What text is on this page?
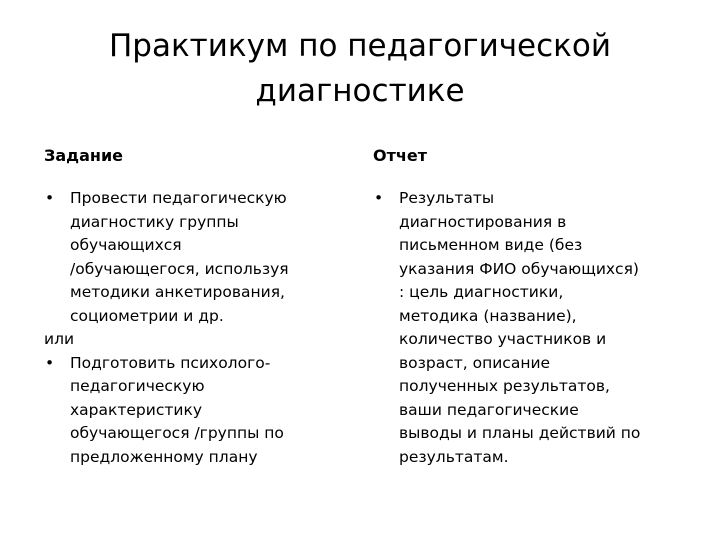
Практикум по педагогической
диагностике
Задание
• Провести педагогическую
диагностику группы
обучающихся
/обучающегося, используя
методики анкетирования,
социометрии и др.
или
• Подготовить психолого-
педагогическую
характеристику
обучающегося /группы по
предложенному плану
Отчет
• Результаты
диагностирования в
письменном виде (без
указания ФИО обучающихся)
: цель диагностики,
методика (название),
количество участников и
возраст, описание
полученных результатов,
ваши педагогические
выводы и планы действий по
результатам.
